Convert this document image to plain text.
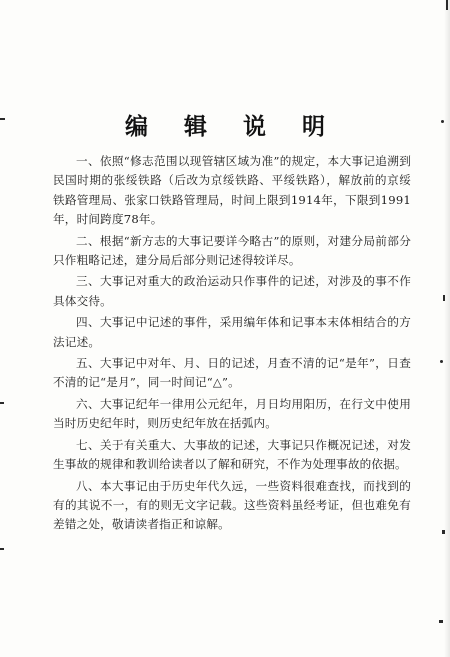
编 辑 说 明

一、依照“修志范围以现管辖区域为准”的规定，本大事记追溯到民国时期的张绥铁路（后改为京绥铁路、平绥铁路），解放前的京绥铁路管理局、张家口铁路管理局，时间上限到1914年，下限到1991年，时间跨度78年。

二、根据“新方志的大事记要详今略古”的原则，对建分局前部分只作粗略记述，建分局后部分则记述得较详尽。

三、大事记对重大的政治运动只作事件的记述，对涉及的事不作具体交待。

四、大事记中记述的事件，采用编年体和记事本末体相结合的方法记述。

五、大事记中对年、月、日的记述，月查不清的记“是年”，日查不清的记“是月”，同一时间记“△”。

六、大事记纪年一律用公元纪年，月日均用阳历，在行文中使用当时历史纪年时，则历史纪年放在括弧内。

七、关于有关重大、大事故的记述，大事记只作概况记述，对发生事故的规律和教训给读者以了解和研究，不作为处理事故的依据。

八、本大事记由于历史年代久远，一些资料很难查找，而找到的有的其说不一，有的则无文字记载。这些资料虽经考证，但也难免有差错之处，敬请读者指正和谅解。
